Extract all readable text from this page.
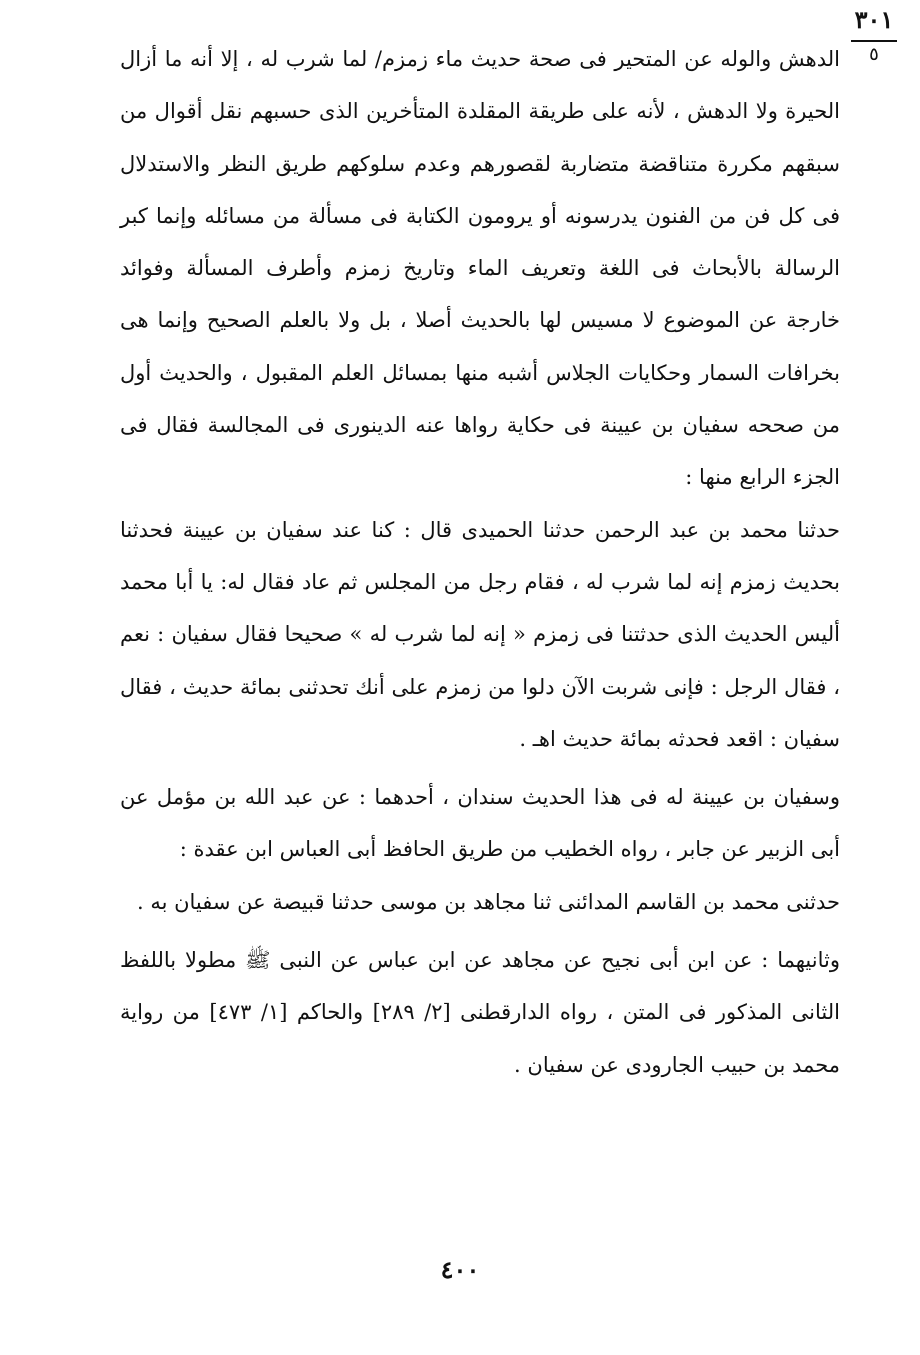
٣٠١
٥

الدهش والوله عن المتحير فى صحة حديث ماء زمزم/ لما شرب له ، إلا أنه ما أزال الحيرة ولا الدهش ، لأنه على طريقة المقلدة المتأخرين الذى حسبهم نقل أقوال من سبقهم مكررة متناقضة متضاربة لقصورهم وعدم سلوكهم طريق النظر والاستدلال فى كل فن من الفنون يدرسونه أو يرومون الكتابة فى مسألة من مسائله وإنما كبر الرسالة بالأبحاث فى اللغة وتعريف الماء وتاريخ زمزم وأطرف المسألة وفوائد خارجة عن الموضوع لا مسيس لها بالحديث أصلا ، بل ولا بالعلم الصحيح وإنما هى بخرافات السمار وحكايات الجلاس أشبه منها بمسائل العلم المقبول ، والحديث أول من صححه سفيان بن عيينة فى حكاية رواها عنه الدينورى فى المجالسة فقال فى الجزء الرابع منها :

حدثنا محمد بن عبد الرحمن حدثنا الحميدى قال : كنا عند سفيان بن عيينة فحدثنا بحديث زمزم إنه لما شرب له ، فقام رجل من المجلس ثم عاد فقال له: يا أبا محمد أليس الحديث الذى حدثتنا فى زمزم « إنه لما شرب له » صحيحا فقال سفيان : نعم ، فقال الرجل : فإنى شربت الآن دلوا من زمزم على أنك تحدثنى بمائة حديث ، فقال سفيان : اقعد فحدثه بمائة حديث اهـ .

وسفيان بن عيينة له فى هذا الحديث سندان ، أحدهما : عن عبد الله بن مؤمل عن أبى الزبير عن جابر ، رواه الخطيب من طريق الحافظ أبى العباس ابن عقدة :

حدثنى محمد بن القاسم المدائنى ثنا مجاهد بن موسى حدثنا قبيصة عن سفيان به .

وثانيهما : عن ابن أبى نجيح عن مجاهد عن ابن عباس عن النبى ﷺ مطولا باللفظ الثانى المذكور فى المتن ، رواه الدارقطنى [٢/ ٢٨٩] والحاكم [١/ ٤٧٣] من رواية محمد بن حبيب الجارودى عن سفيان .

٤٠٠
